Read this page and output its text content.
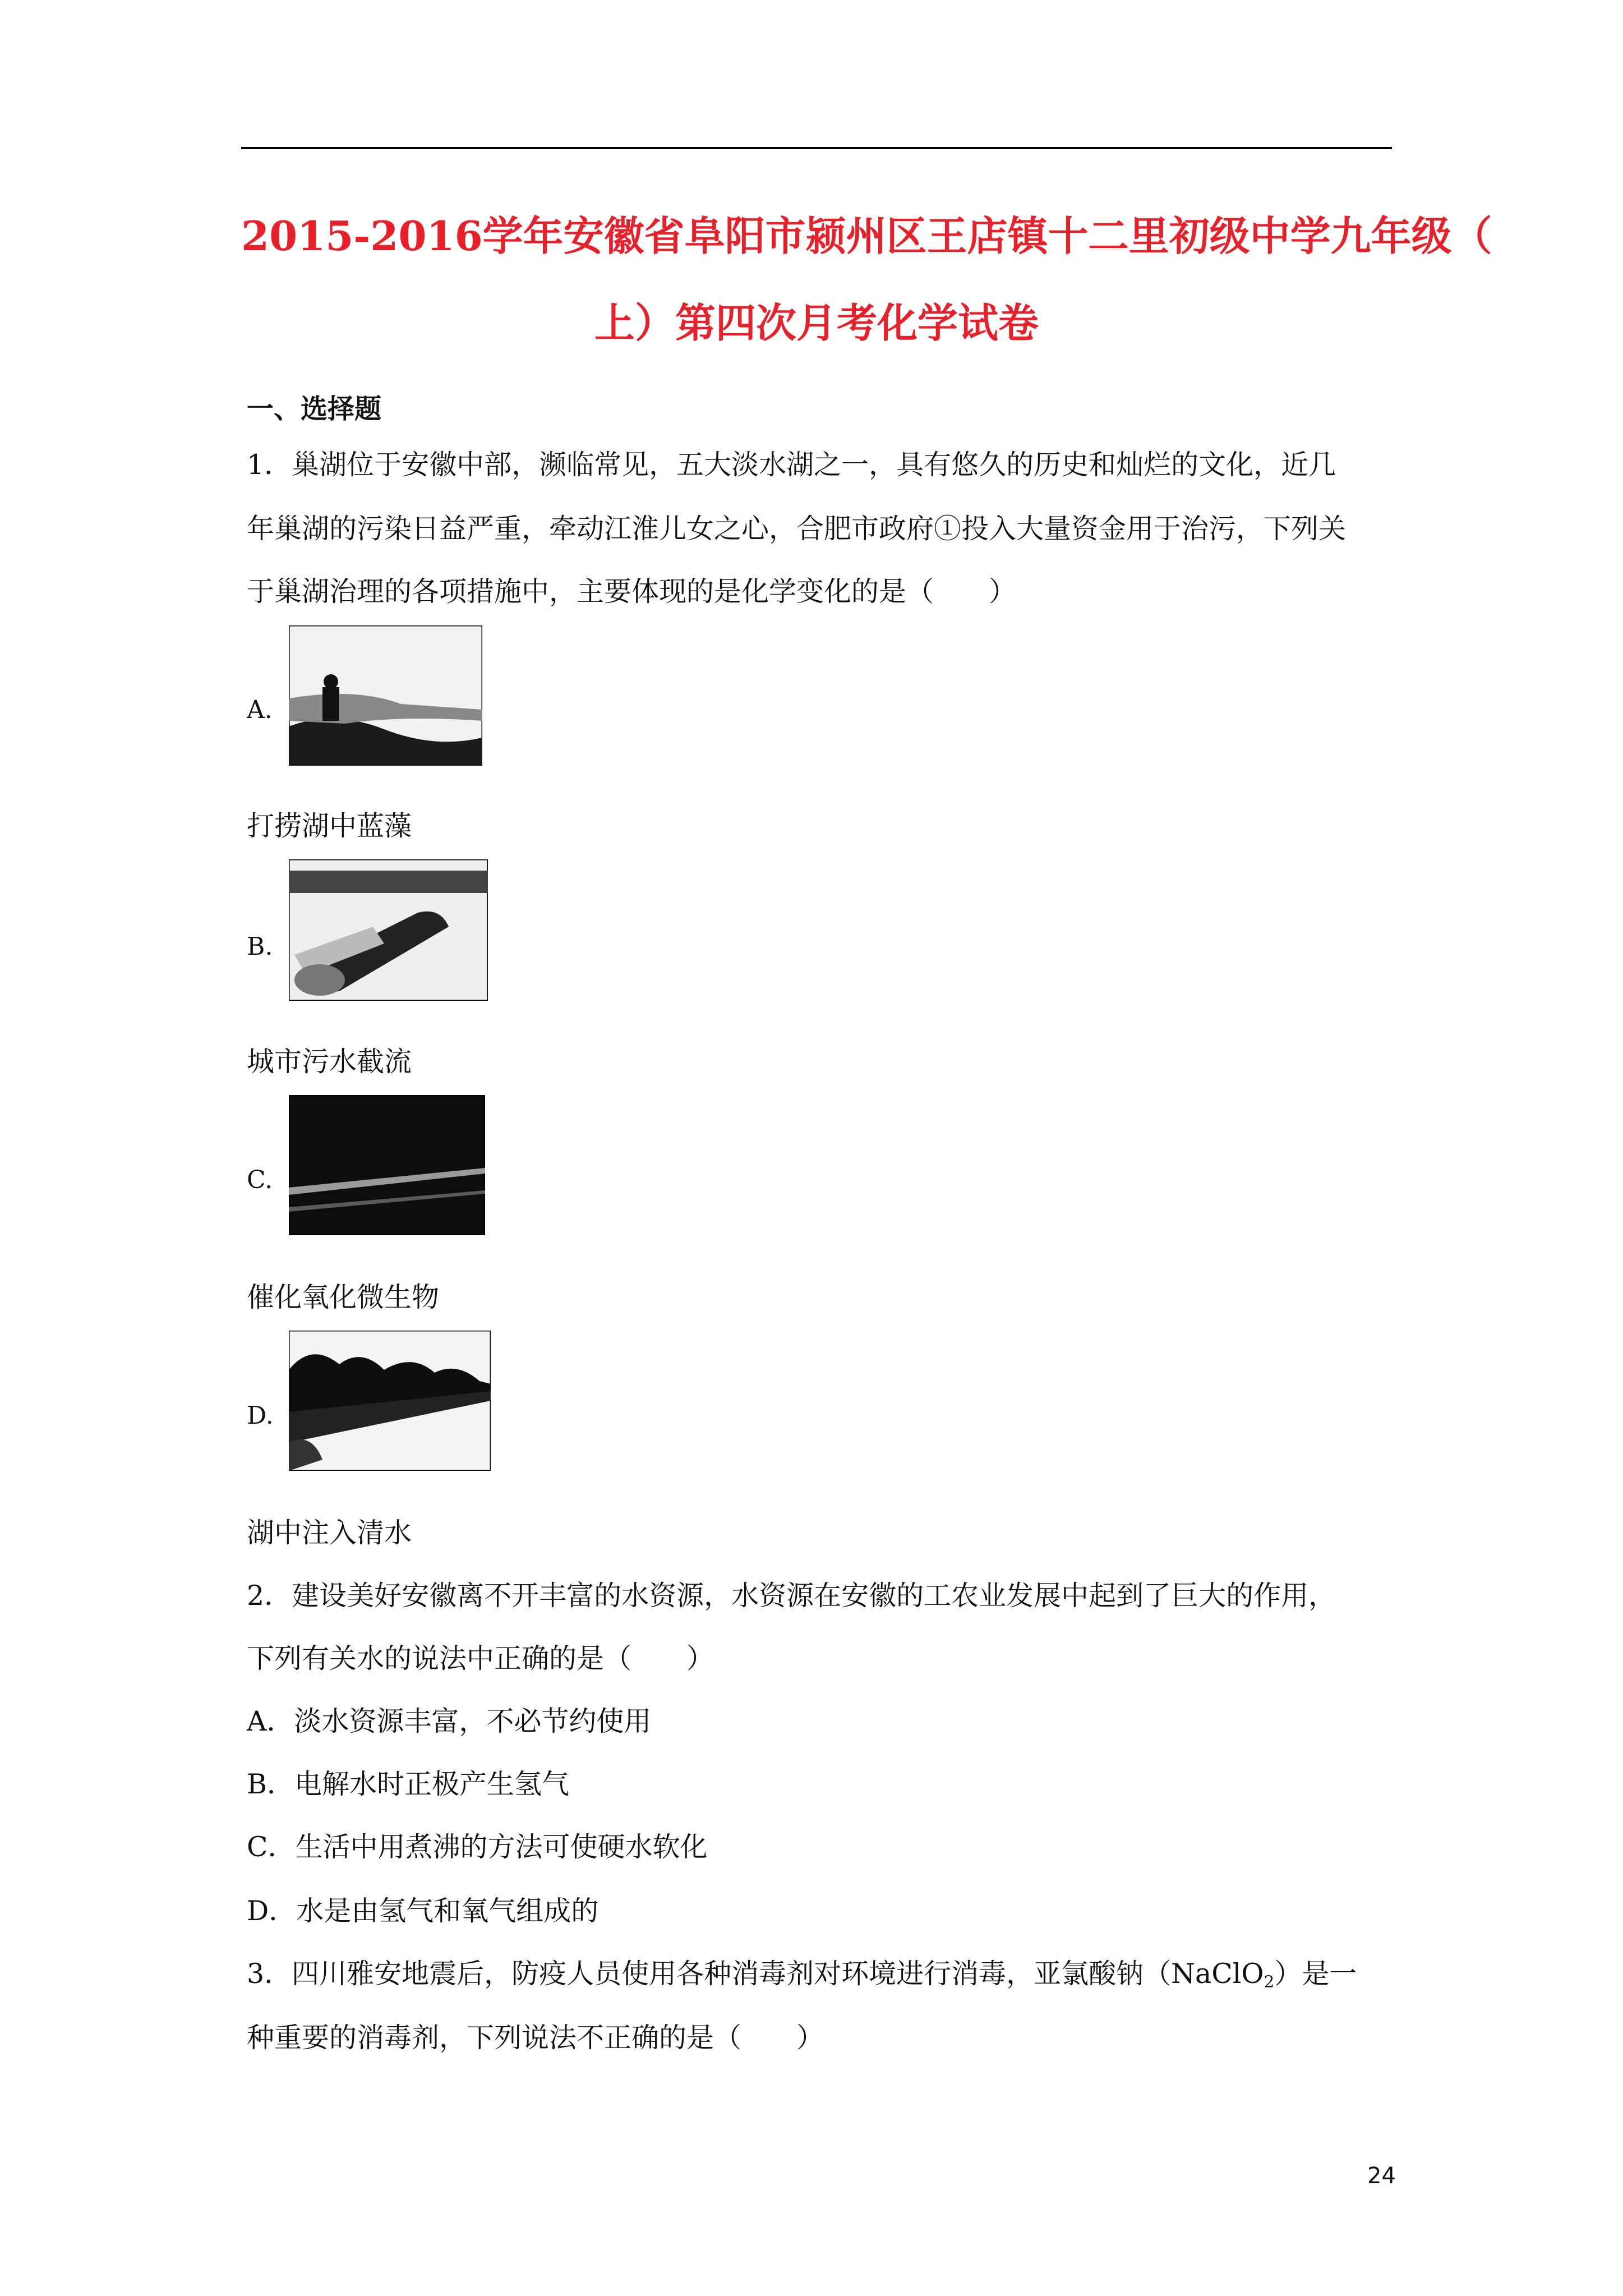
2015-2016学年安徽省阜阳市颍州区王店镇十二里初级中学九年级（
上）第四次月考化学试卷
一、选择题
1．巢湖位于安徽中部，濒临常见，五大淡水湖之一，具有悠久的历史和灿烂的文化，近几
年巢湖的污染日益严重，牵动江淮儿女之心，合肥市政府①投入大量资金用于治污，下列关
于巢湖治理的各项措施中，主要体现的是化学变化的是（　　）
A.
打捞湖中蓝藻
B.
城市污水截流
C.
催化氧化微生物
D.
湖中注入清水
2．建设美好安徽离不开丰富的水资源，水资源在安徽的工农业发展中起到了巨大的作用，
下列有关水的说法中正确的是（　　）
A．淡水资源丰富，不必节约使用
B．电解水时正极产生氢气
C．生活中用煮沸的方法可使硬水软化
D．水是由氢气和氧气组成的
3．四川雅安地震后，防疫人员使用各种消毒剂对环境进行消毒，亚氯酸钠（NaClO$_2$）是一
种重要的消毒剂，下列说法不正确的是（　　）
24
